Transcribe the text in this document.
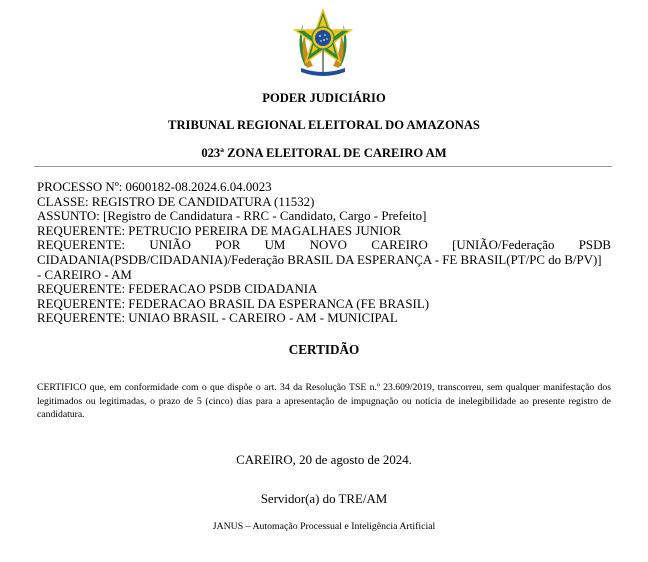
PODER JUDICIÁRIO
TRIBUNAL REGIONAL ELEITORAL DO AMAZONAS
023ª ZONA ELEITORAL DE CAREIRO AM
PROCESSO Nº: 0600182-08.2024.6.04.0023
CLASSE: REGISTRO DE CANDIDATURA (11532)
ASSUNTO: [Registro de Candidatura - RRC - Candidato, Cargo - Prefeito]
REQUERENTE: PETRUCIO PEREIRA DE MAGALHAES JUNIOR
REQUERENTE: UNIÃO POR UM NOVO CAREIRO [UNIÃO/Federação PSDB
CIDADANIA(PSDB/CIDADANIA)/Federação BRASIL DA ESPERANÇA - FE BRASIL(PT/PC do B/PV)]
- CAREIRO - AM
REQUERENTE: FEDERACAO PSDB CIDADANIA
REQUERENTE: FEDERACAO BRASIL DA ESPERANCA (FE BRASIL)
REQUERENTE: UNIAO BRASIL - CAREIRO - AM - MUNICIPAL
CERTIDÃO
CERTIFICO que, em conformidade com o que dispõe o art. 34 da Resolução TSE n.º 23.609/2019, transcorreu, sem qualquer manifestação dos legitimados ou legitimadas, o prazo de 5 (cinco) dias para a apresentação de impugnação ou notícia de inelegibilidade ao presente registro de candidatura.
CAREIRO, 20 de agosto de 2024.
Servidor(a) do TRE/AM
JANUS – Automação Processual e Inteligência Artificial
